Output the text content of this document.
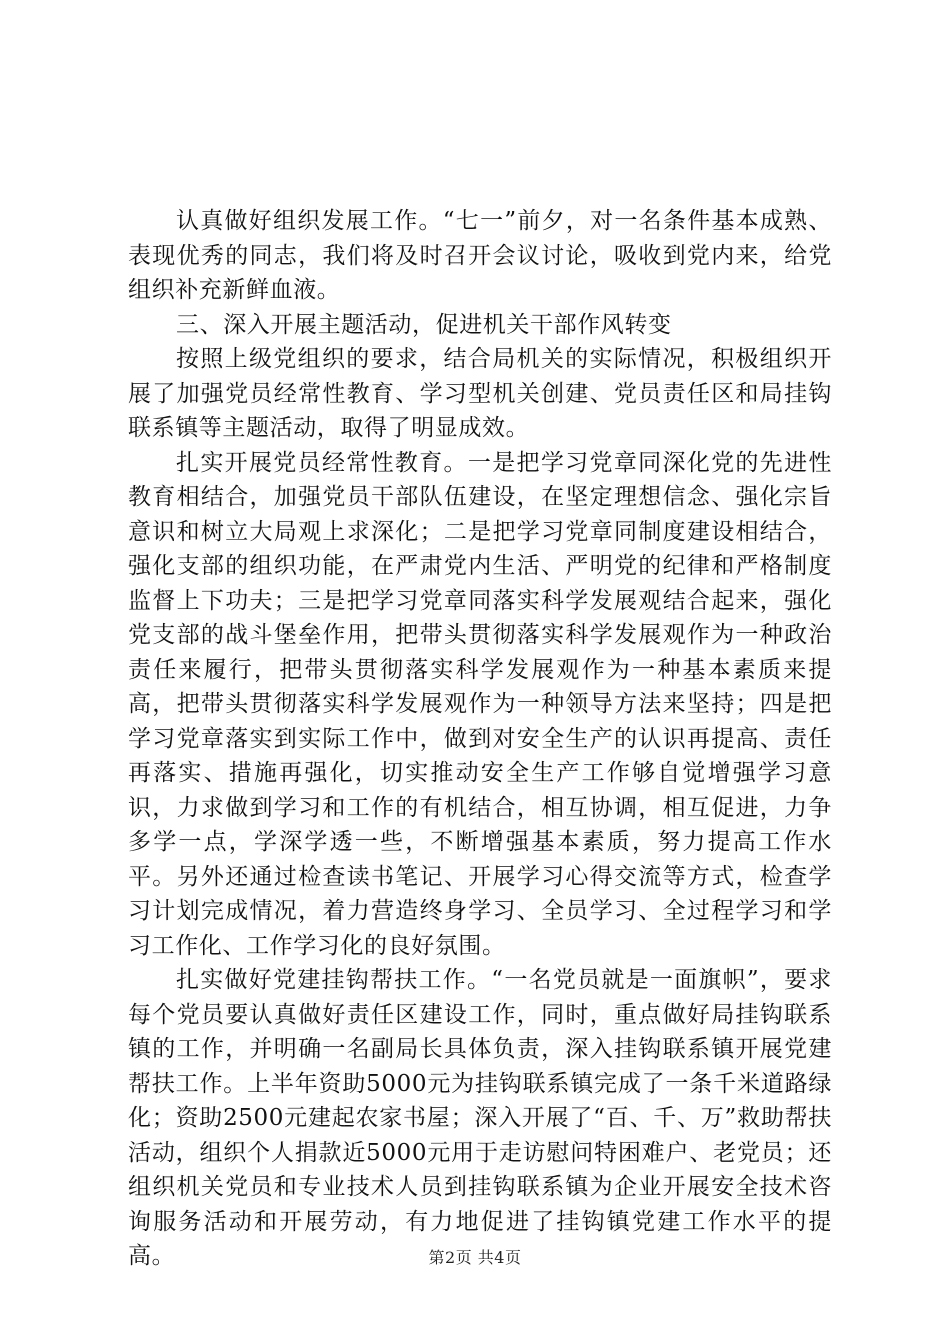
认真做好组织发展工作。“七一”前夕，对一名条件基本成熟、表现优秀的同志，我们将及时召开会议讨论，吸收到党内来，给党组织补充新鲜血液。

三、深入开展主题活动，促进机关干部作风转变

按照上级党组织的要求，结合局机关的实际情况，积极组织开展了加强党员经常性教育、学习型机关创建、党员责任区和局挂钩联系镇等主题活动，取得了明显成效。

扎实开展党员经常性教育。一是把学习党章同深化党的先进性教育相结合，加强党员干部队伍建设，在坚定理想信念、强化宗旨意识和树立大局观上求深化；二是把学习党章同制度建设相结合，强化支部的组织功能，在严肃党内生活、严明党的纪律和严格制度监督上下功夫；三是把学习党章同落实科学发展观结合起来，强化党支部的战斗堡垒作用，把带头贯彻落实科学发展观作为一种政治责任来履行，把带头贯彻落实科学发展观作为一种基本素质来提高，把带头贯彻落实科学发展观作为一种领导方法来坚持；四是把学习党章落实到实际工作中，做到对安全生产的认识再提高、责任再落实、措施再强化，切实推动安全生产工作够自觉增强学习意识，力求做到学习和工作的有机结合，相互协调，相互促进，力争多学一点，学深学透一些，不断增强基本素质，努力提高工作水平。另外还通过检查读书笔记、开展学习心得交流等方式，检查学习计划完成情况，着力营造终身学习、全员学习、全过程学习和学习工作化、工作学习化的良好氛围。

扎实做好党建挂钩帮扶工作。“一名党员就是一面旗帜”，要求每个党员要认真做好责任区建设工作，同时，重点做好局挂钩联系镇的工作，并明确一名副局长具体负责，深入挂钩联系镇开展党建帮扶工作。上半年资助5000元为挂钩联系镇完成了一条千米道路绿化；资助2500元建起农家书屋；深入开展了“百、千、万”救助帮扶活动，组织个人捐款近5000元用于走访慰问特困难户、老党员；还组织机关党员和专业技术人员到挂钩联系镇为企业开展安全技术咨询服务活动和开展劳动，有力地促进了挂钩镇党建工作水平的提高。	第2页 共4页
